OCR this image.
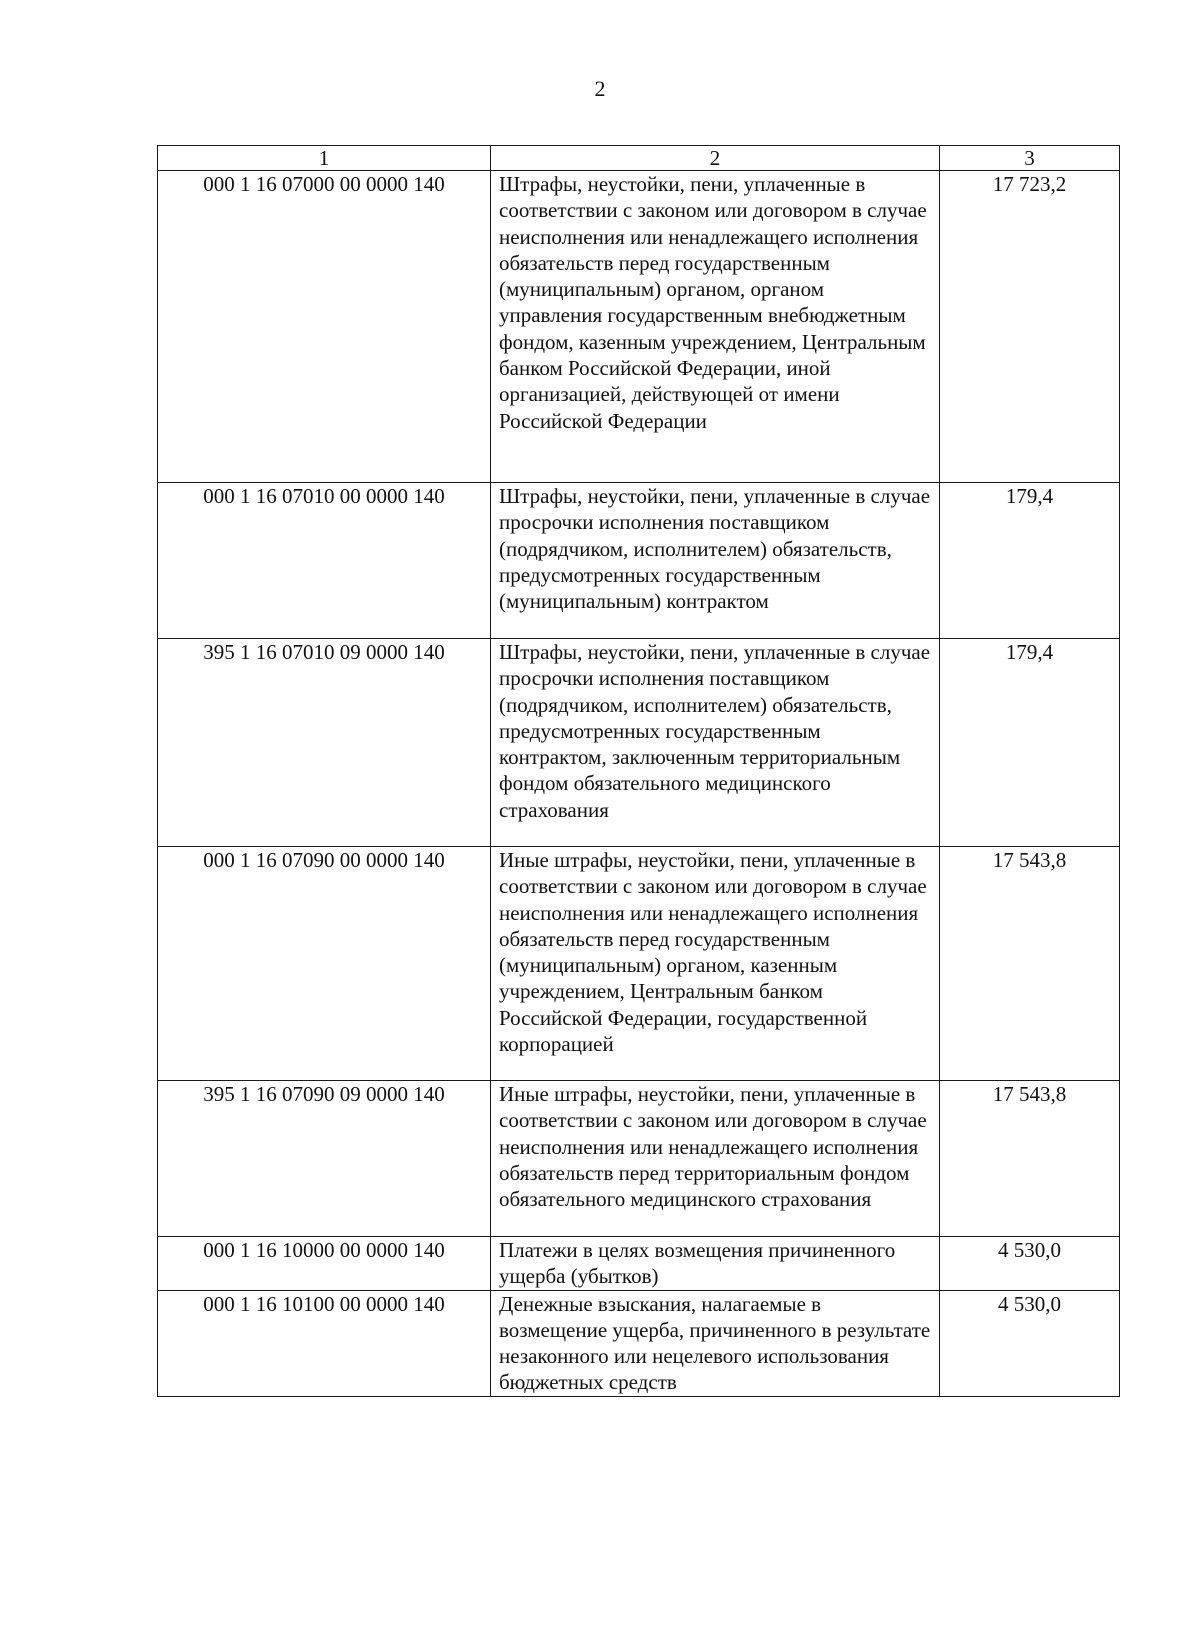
2
1	2	3
000 1 16 07000 00 0000 140	Штрафы, неустойки, пени, уплаченные в соответствии с законом или договором в случае неисполнения или ненадлежащего исполнения обязательств перед государственным (муниципальным) органом, органом управления государственным внебюджетным фондом, казенным учреждением, Центральным банком Российской Федерации, иной организацией, действующей от имени Российской Федерации	17 723,2
000 1 16 07010 00 0000 140	Штрафы, неустойки, пени, уплаченные в случае просрочки исполнения поставщиком (подрядчиком, исполнителем) обязательств, предусмотренных государственным (муниципальным) контрактом	179,4
395 1 16 07010 09 0000 140	Штрафы, неустойки, пени, уплаченные в случае просрочки исполнения поставщиком (подрядчиком, исполнителем) обязательств, предусмотренных государственным контрактом, заключенным территориальным фондом обязательного медицинского страхования	179,4
000 1 16 07090 00 0000 140	Иные штрафы, неустойки, пени, уплаченные в соответствии с законом или договором в случае неисполнения или ненадлежащего исполнения обязательств перед государственным (муниципальным) органом, казенным учреждением, Центральным банком Российской Федерации, государственной корпорацией	17 543,8
395 1 16 07090 09 0000 140	Иные штрафы, неустойки, пени, уплаченные в соответствии с законом или договором в случае неисполнения или ненадлежащего исполнения обязательств перед территориальным фондом обязательного медицинского страхования	17 543,8
000 1 16 10000 00 0000 140	Платежи в целях возмещения причиненного ущерба (убытков)	4 530,0
000 1 16 10100 00 0000 140	Денежные взыскания, налагаемые в возмещение ущерба, причиненного в результате незаконного или нецелевого использования бюджетных средств	4 530,0
